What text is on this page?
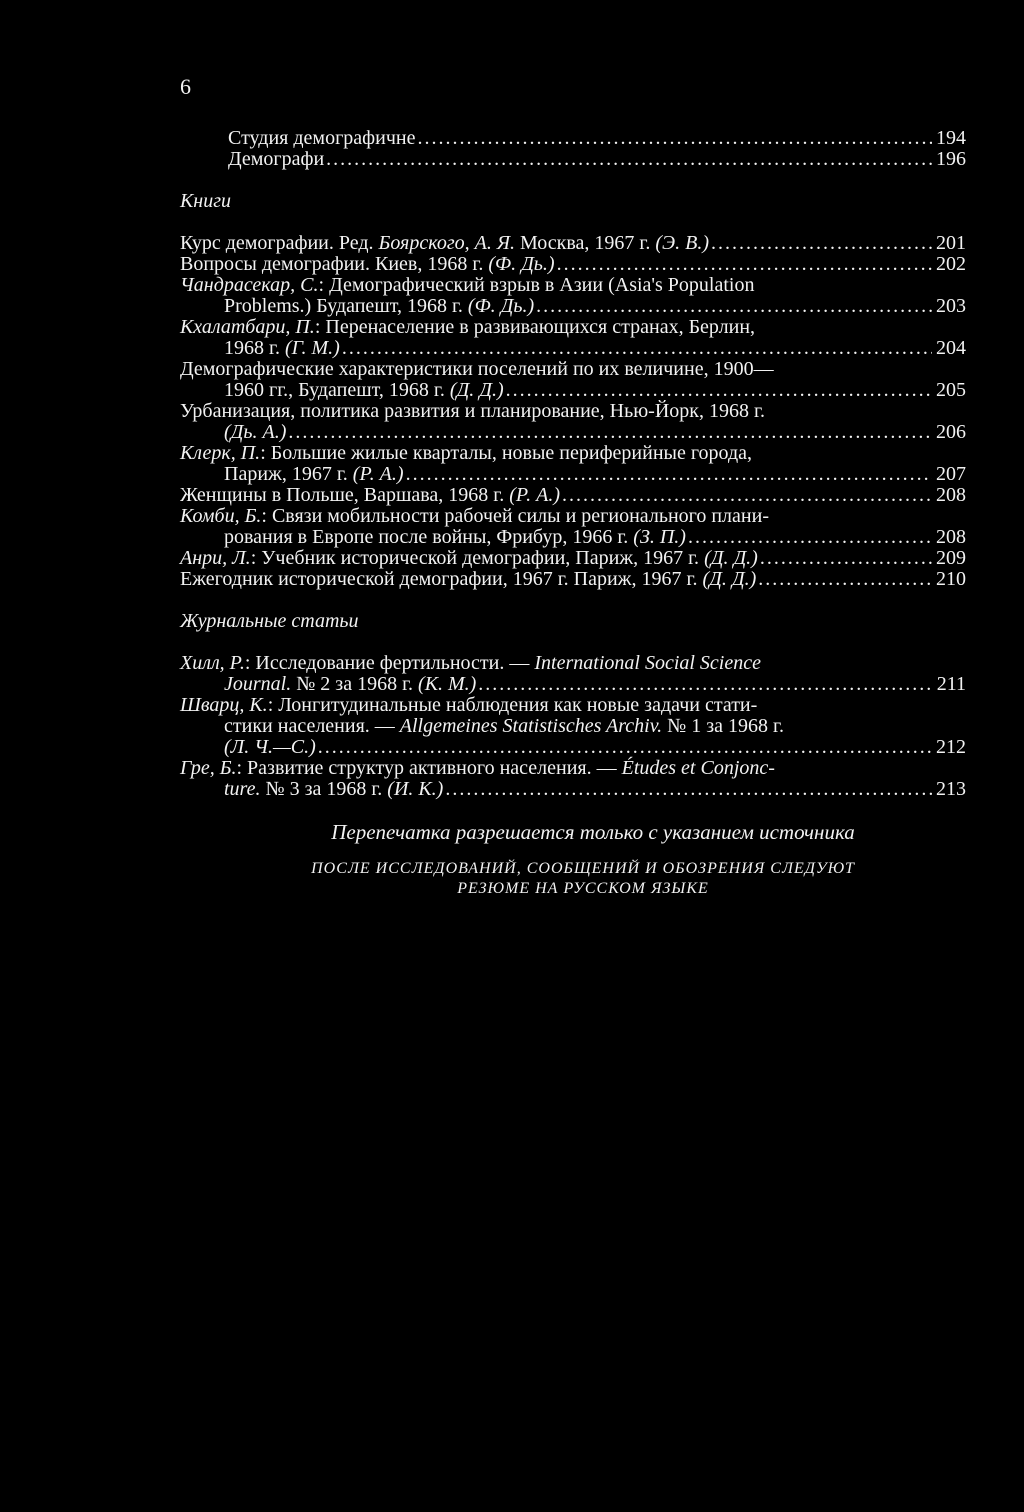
6
Студия демографичне .....	194
Демографи .....	196
Книги
Курс демографии. Ред. Боярского, А. Я. Москва, 1967 г. (Э. В.) .....	201
Вопросы демографии. Киев, 1968 г. (Ф. Дь.) .....	202
Чандрасекар, С.: Демографический взрыв в Азии (Asia's Population
Problems.) Будапешт, 1968 г. (Ф. Дь.) .....	203
Кхалатбари, П.: Перенаселение в развивающихся странах, Берлин,
1968 г. (Г. М.) .....	204
Демографические характеристики поселений по их величине, 1900—
1960 гг., Будапешт, 1968 г. (Д. Д.) .....	205
Урбанизация, политика развития и планирование, Нью-Йорк, 1968 г.
(Дь. А.) .....	206
Клерк, П.: Большие жилые кварталы, новые периферийные города,
Париж, 1967 г. (Р. А.) .....	207
Женщины в Польше, Варшава, 1968 г. (Р. А.) .....	208
Комби, Б.: Связи мобильности рабочей силы и регионального плани-
рования в Европе после войны, Фрибур, 1966 г. (З. П.) .....	208
Анри, Л.: Учебник исторической демографии, Париж, 1967 г. (Д. Д.) .....	209
Ежегодник исторической демографии, 1967 г. Париж, 1967 г. (Д. Д.) .....	210
Журнальные статьи
Хилл, Р.: Исследование фертильности. — International Social Science
Journal. № 2 за 1968 г. (К. М.) .....	211
Шварц, К.: Лонгитудинальные наблюдения как новые задачи стати-
стики населения. — Allgemeines Statistisches Archiv. № 1 за 1968 г.
(Л. Ч.—С.) .....	212
Гре, Б.: Развитие структур активного населения. — Études et Conjonc-
ture. № 3 за 1968 г. (И. К.) .....	213
Перепечатка разрешается только с указанием источника
ПОСЛЕ ИССЛЕДОВАНИЙ, СООБЩЕНИЙ И ОБОЗРЕНИЯ СЛЕДУЮТ
РЕЗЮМЕ НА РУССКОМ ЯЗЫКЕ
